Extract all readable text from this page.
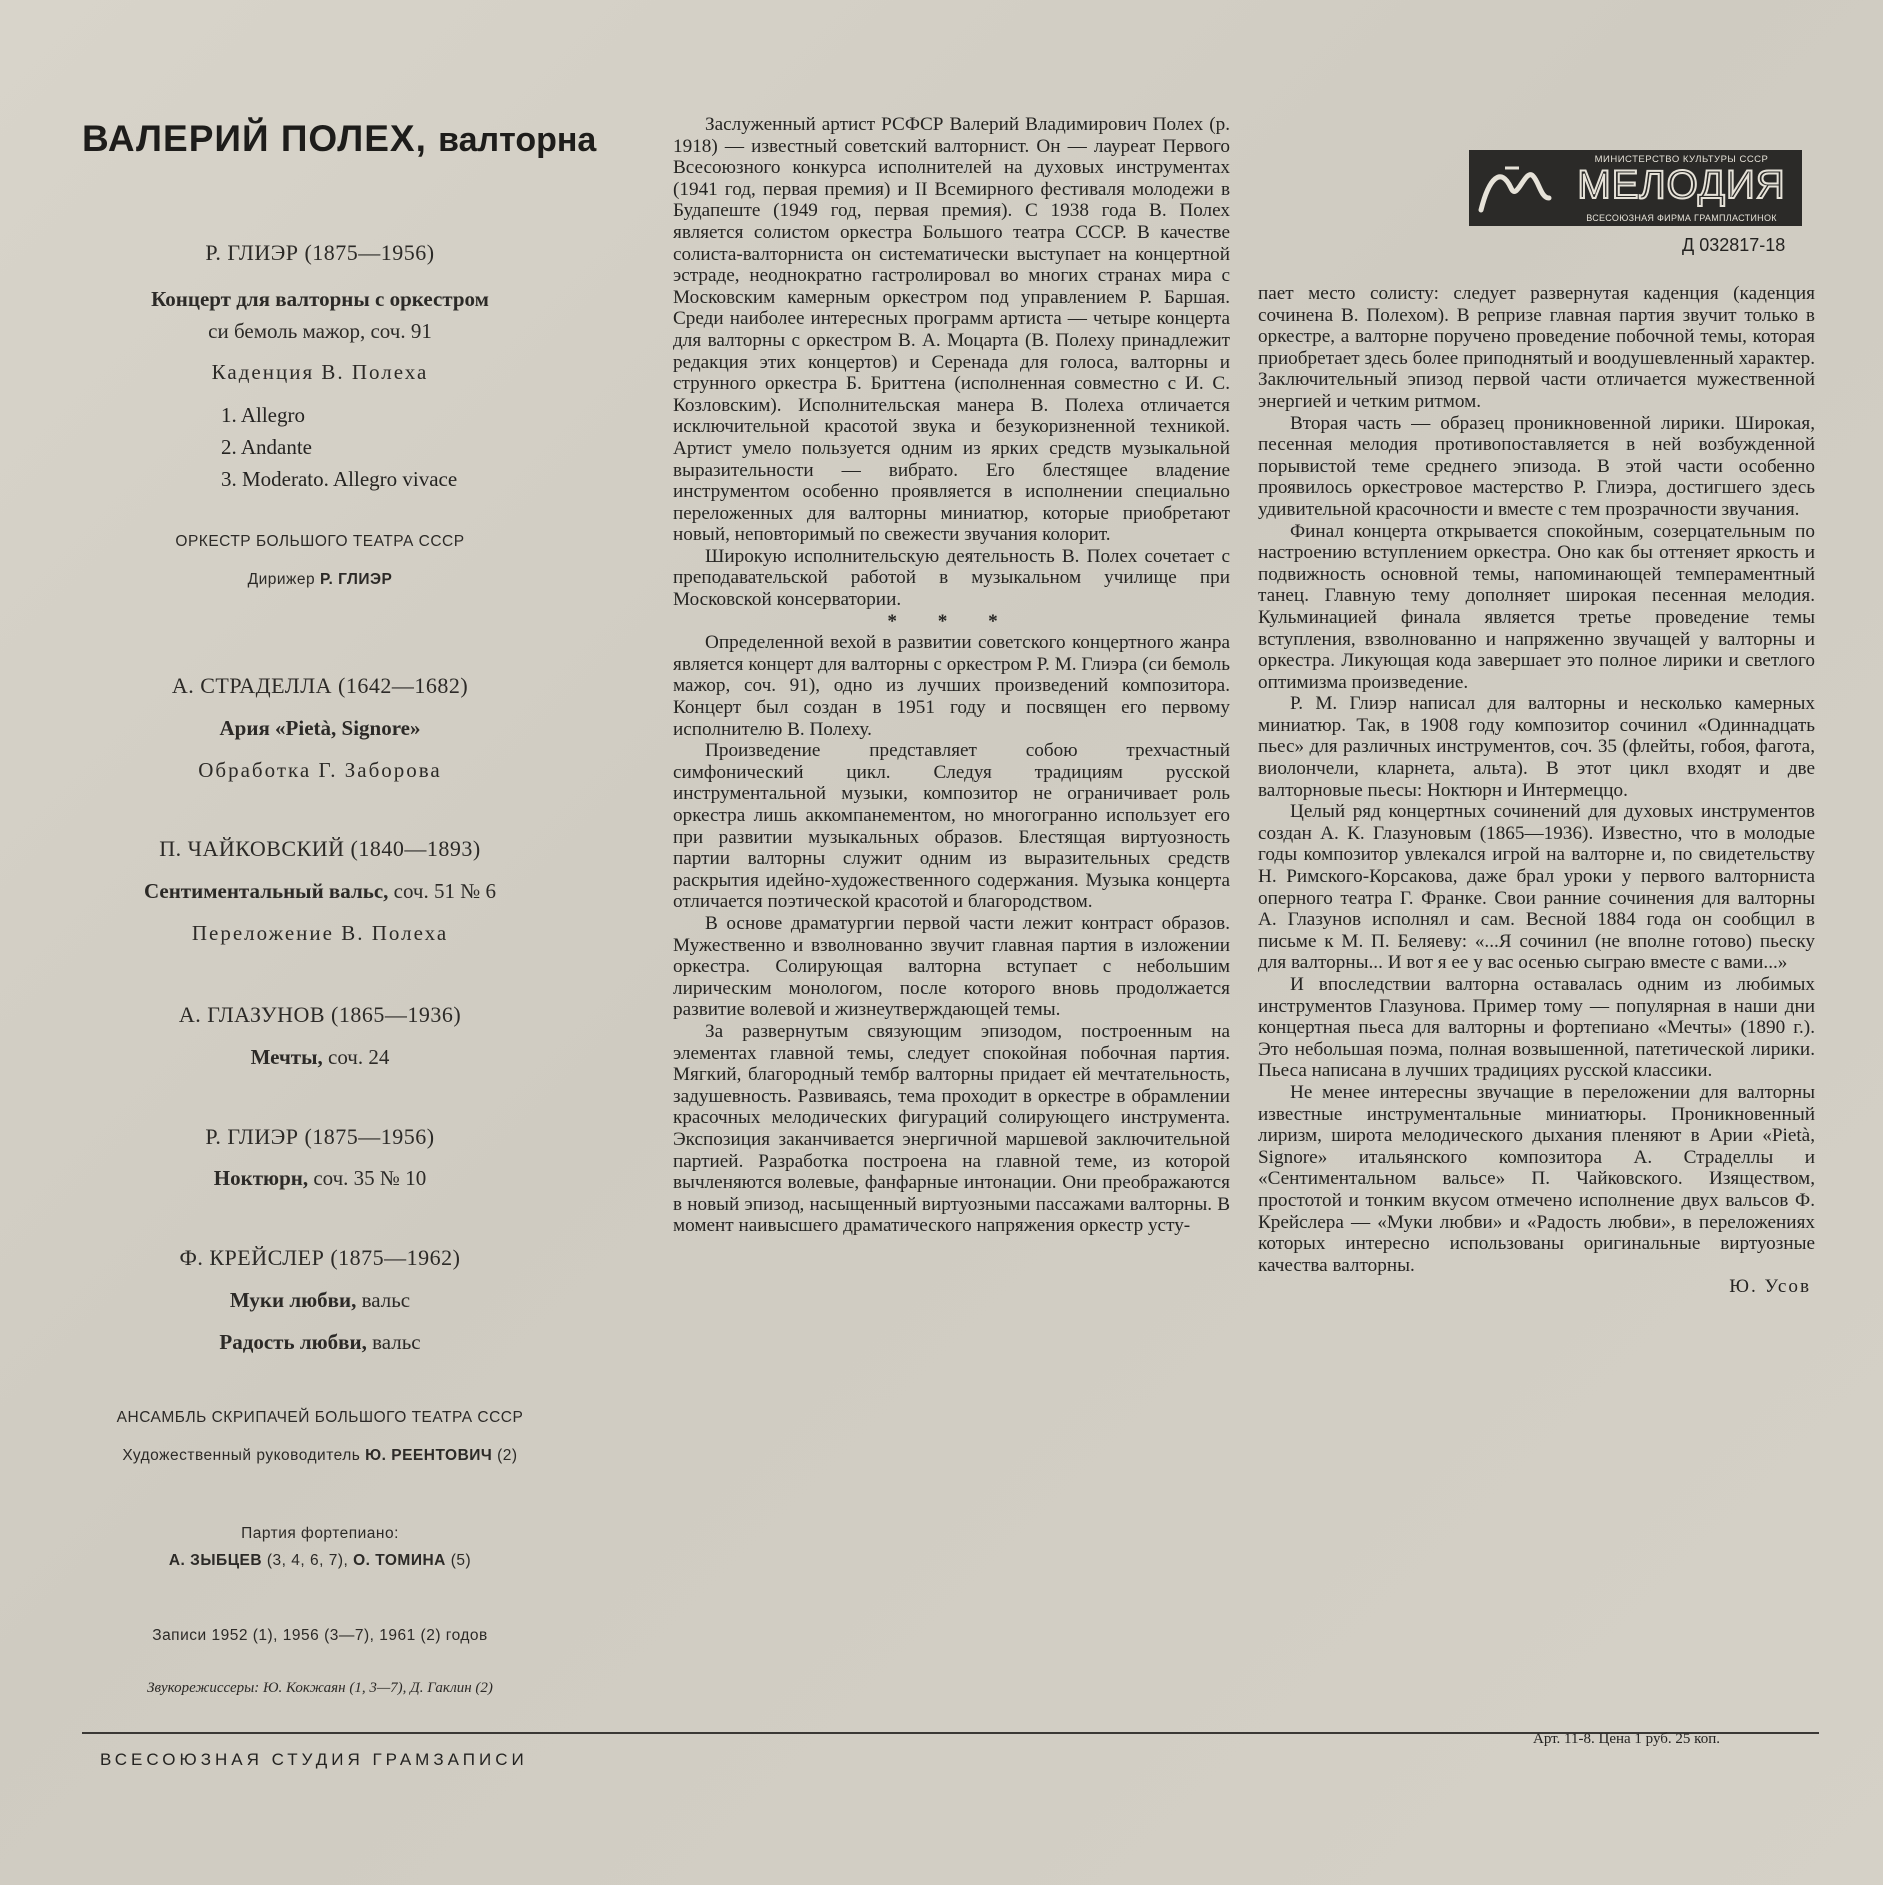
ВАЛЕРИЙ ПОЛЕХ, валторна
Р. ГЛИЭР (1875—1956)
Концерт для валторны с оркестром
си бемоль мажор, соч. 91
Каденция В. Полеха
1. Allegro
2. Andante
3. Moderato. Allegro vivace
ОРКЕСТР БОЛЬШОГО ТЕАТРА СССР
Дирижер Р. ГЛИЭР
А. СТРАДЕЛЛА (1642—1682)
Ария «Pietà, Signore»
Обработка Г. Заборова
П. ЧАЙКОВСКИЙ (1840—1893)
Сентиментальный вальс, соч. 51 № 6
Переложение В. Полеха
А. ГЛАЗУНОВ (1865—1936)
Мечты, соч. 24
Р. ГЛИЭР (1875—1956)
Ноктюрн, соч. 35 № 10
Ф. КРЕЙСЛЕР (1875—1962)
Муки любви, вальс
Радость любви, вальс
АНСАМБЛЬ СКРИПАЧЕЙ БОЛЬШОГО ТЕАТРА СССР
Художественный руководитель Ю. РЕЕНТОВИЧ (2)
Партия фортепиано:
А. ЗЫБЦЕВ (3, 4, 6, 7), О. ТОМИНА (5)
Записи 1952 (1), 1956 (3—7), 1961 (2) годов
Звукорежиссеры: Ю. Кокжаян (1, 3—7), Д. Гаклин (2)

Заслуженный артист РСФСР Валерий Владимирович Полех (р. 1918) — известный советский валторнист. Он — лауреат Первого Всесоюзного конкурса исполнителей на духовых инструментах (1941 год, первая премия) и II Всемирного фестиваля молодежи в Будапеште (1949 год, первая премия). С 1938 года В. Полех является солистом оркестра Большого театра СССР. В качестве солиста-валторниста он систематически выступает на концертной эстраде, неоднократно гастролировал во многих странах мира с Московским камерным оркестром под управлением Р. Баршая. Среди наиболее интересных программ артиста — четыре концерта для валторны с оркестром В. А. Моцарта (В. Полеху принадлежит редакция этих концертов) и Серенада для голоса, валторны и струнного оркестра Б. Бриттена (исполненная совместно с И. С. Козловским). Исполнительская манера В. Полеха отличается исключительной красотой звука и безукоризненной техникой. Артист умело пользуется одним из ярких средств музыкальной выразительности — вибрато. Его блестящее владение инструментом особенно проявляется в исполнении специально переложенных для валторны миниатюр, которые приобретают новый, неповторимый по свежести звучания колорит.

Широкую исполнительскую деятельность В. Полех сочетает с преподавательской работой в музыкальном училище при Московской консерватории.

* * *

Определенной вехой в развитии советского концертного жанра является концерт для валторны с оркестром Р. М. Глиэра (си бемоль мажор, соч. 91), одно из лучших произведений композитора. Концерт был создан в 1951 году и посвящен его первому исполнителю В. Полеху.

Произведение представляет собою трехчастный симфонический цикл. Следуя традициям русской инструментальной музыки, композитор не ограничивает роль оркестра лишь аккомпанементом, но многогранно использует его при развитии музыкальных образов. Блестящая виртуозность партии валторны служит одним из выразительных средств раскрытия идейно-художественного содержания. Музыка концерта отличается поэтической красотой и благородством.

В основе драматургии первой части лежит контраст образов. Мужественно и взволнованно звучит главная партия в изложении оркестра. Солирующая валторна вступает с небольшим лирическим монологом, после которого вновь продолжается развитие волевой и жизнеутверждающей темы.

За развернутым связующим эпизодом, построенным на элементах главной темы, следует спокойная побочная партия. Мягкий, благородный тембр валторны придает ей мечтательность, задушевность. Развиваясь, тема проходит в оркестре в обрамлении красочных мелодических фигураций солирующего инструмента. Экспозиция заканчивается энергичной маршевой заключительной партией. Разработка построена на главной теме, из которой вычленяются волевые, фанфарные интонации. Они преображаются в новый эпизод, насыщенный виртуозными пассажами валторны. В момент наивысшего драматического напряжения оркестр усту-

пает место солисту: следует развернутая каденция (каденция сочинена В. Полехом). В репризе главная партия звучит только в оркестре, а валторне поручено проведение побочной темы, которая приобретает здесь более приподнятый и воодушевленный характер. Заключительный эпизод первой части отличается мужественной энергией и четким ритмом.

Вторая часть — образец проникновенной лирики. Широкая, песенная мелодия противопоставляется в ней возбужденной порывистой теме среднего эпизода. В этой части особенно проявилось оркестровое мастерство Р. Глиэра, достигшего здесь удивительной красочности и вместе с тем прозрачности звучания.

Финал концерта открывается спокойным, созерцательным по настроению вступлением оркестра. Оно как бы оттеняет яркость и подвижность основной темы, напоминающей темпераментный танец. Главную тему дополняет широкая песенная мелодия. Кульминацией финала является третье проведение темы вступления, взволнованно и напряженно звучащей у валторны и оркестра. Ликующая кода завершает это полное лирики и светлого оптимизма произведение.

Р. М. Глиэр написал для валторны и несколько камерных миниатюр. Так, в 1908 году композитор сочинил «Одиннадцать пьес» для различных инструментов, соч. 35 (флейты, гобоя, фагота, виолончели, кларнета, альта). В этот цикл входят и две валторновые пьесы: Ноктюрн и Интермеццо.

Целый ряд концертных сочинений для духовых инструментов создан А. К. Глазуновым (1865—1936). Известно, что в молодые годы композитор увлекался игрой на валторне и, по свидетельству Н. Римского-Корсакова, даже брал уроки у первого валторниста оперного театра Г. Франке. Свои ранние сочинения для валторны А. Глазунов исполнял и сам. Весной 1884 года он сообщил в письме к М. П. Беляеву: «...Я сочинил (не вполне готово) пьеску для валторны... И вот я ее у вас осенью сыграю вместе с вами...»

И впоследствии валторна оставалась одним из любимых инструментов Глазунова. Пример тому — популярная в наши дни концертная пьеса для валторны и фортепиано «Мечты» (1890 г.). Это небольшая поэма, полная возвышенной, патетической лирики. Пьеса написана в лучших традициях русской классики.

Не менее интересны звучащие в переложении для валторны известные инструментальные миниатюры. Проникновенный лиризм, широта мелодического дыхания пленяют в Арии «Pietà, Signore» итальянского композитора А. Страделлы и «Сентиментальном вальсе» П. Чайковского. Изяществом, простотой и тонким вкусом отмечено исполнение двух вальсов Ф. Крейслера — «Муки любви» и «Радость любви», в переложениях которых интересно использованы оригинальные виртуозные качества валторны.

Ю. Усов

МИНИСТЕРСТВО КУЛЬТУРЫ СССР
МЕЛОДИЯ
ВСЕСОЮЗНАЯ ФИРМА ГРАМПЛАСТИНОК
Д 032817-18
ВСЕСОЮЗНАЯ СТУДИЯ ГРАМЗАПИСИ
Арт. 11-8. Цена 1 руб. 25 коп.
